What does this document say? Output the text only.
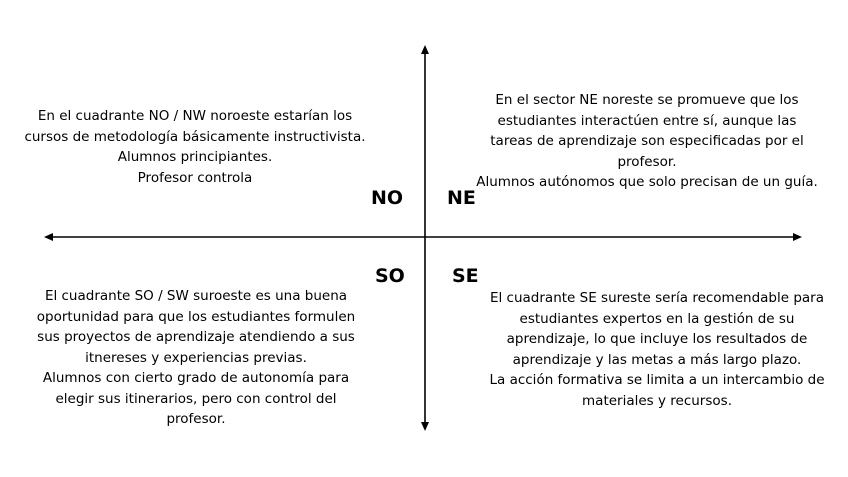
NO NE
SO SE
En el cuadrante NO / NW noroeste estarían los
cursos de metodología básicamente instructivista.
Alumnos principiantes.
Profesor controla
En el sector NE noreste se promueve que los
estudiantes interactúen entre sí, aunque las
tareas de aprendizaje son especificadas por el
profesor.
Alumnos autónomos que solo precisan de un guía.
El cuadrante SO / SW suroeste es una buena
oportunidad para que los estudiantes formulen
sus proyectos de aprendizaje atendiendo a sus
itnereses y experiencias previas.
Alumnos con cierto grado de autonomía para
elegir sus itinerarios, pero con control del
profesor.
El cuadrante SE sureste sería recomendable para
estudiantes expertos en la gestión de su
aprendizaje, lo que incluye los resultados de
aprendizaje y las metas a más largo plazo.
La acción formativa se limita a un intercambio de
materiales y recursos.
